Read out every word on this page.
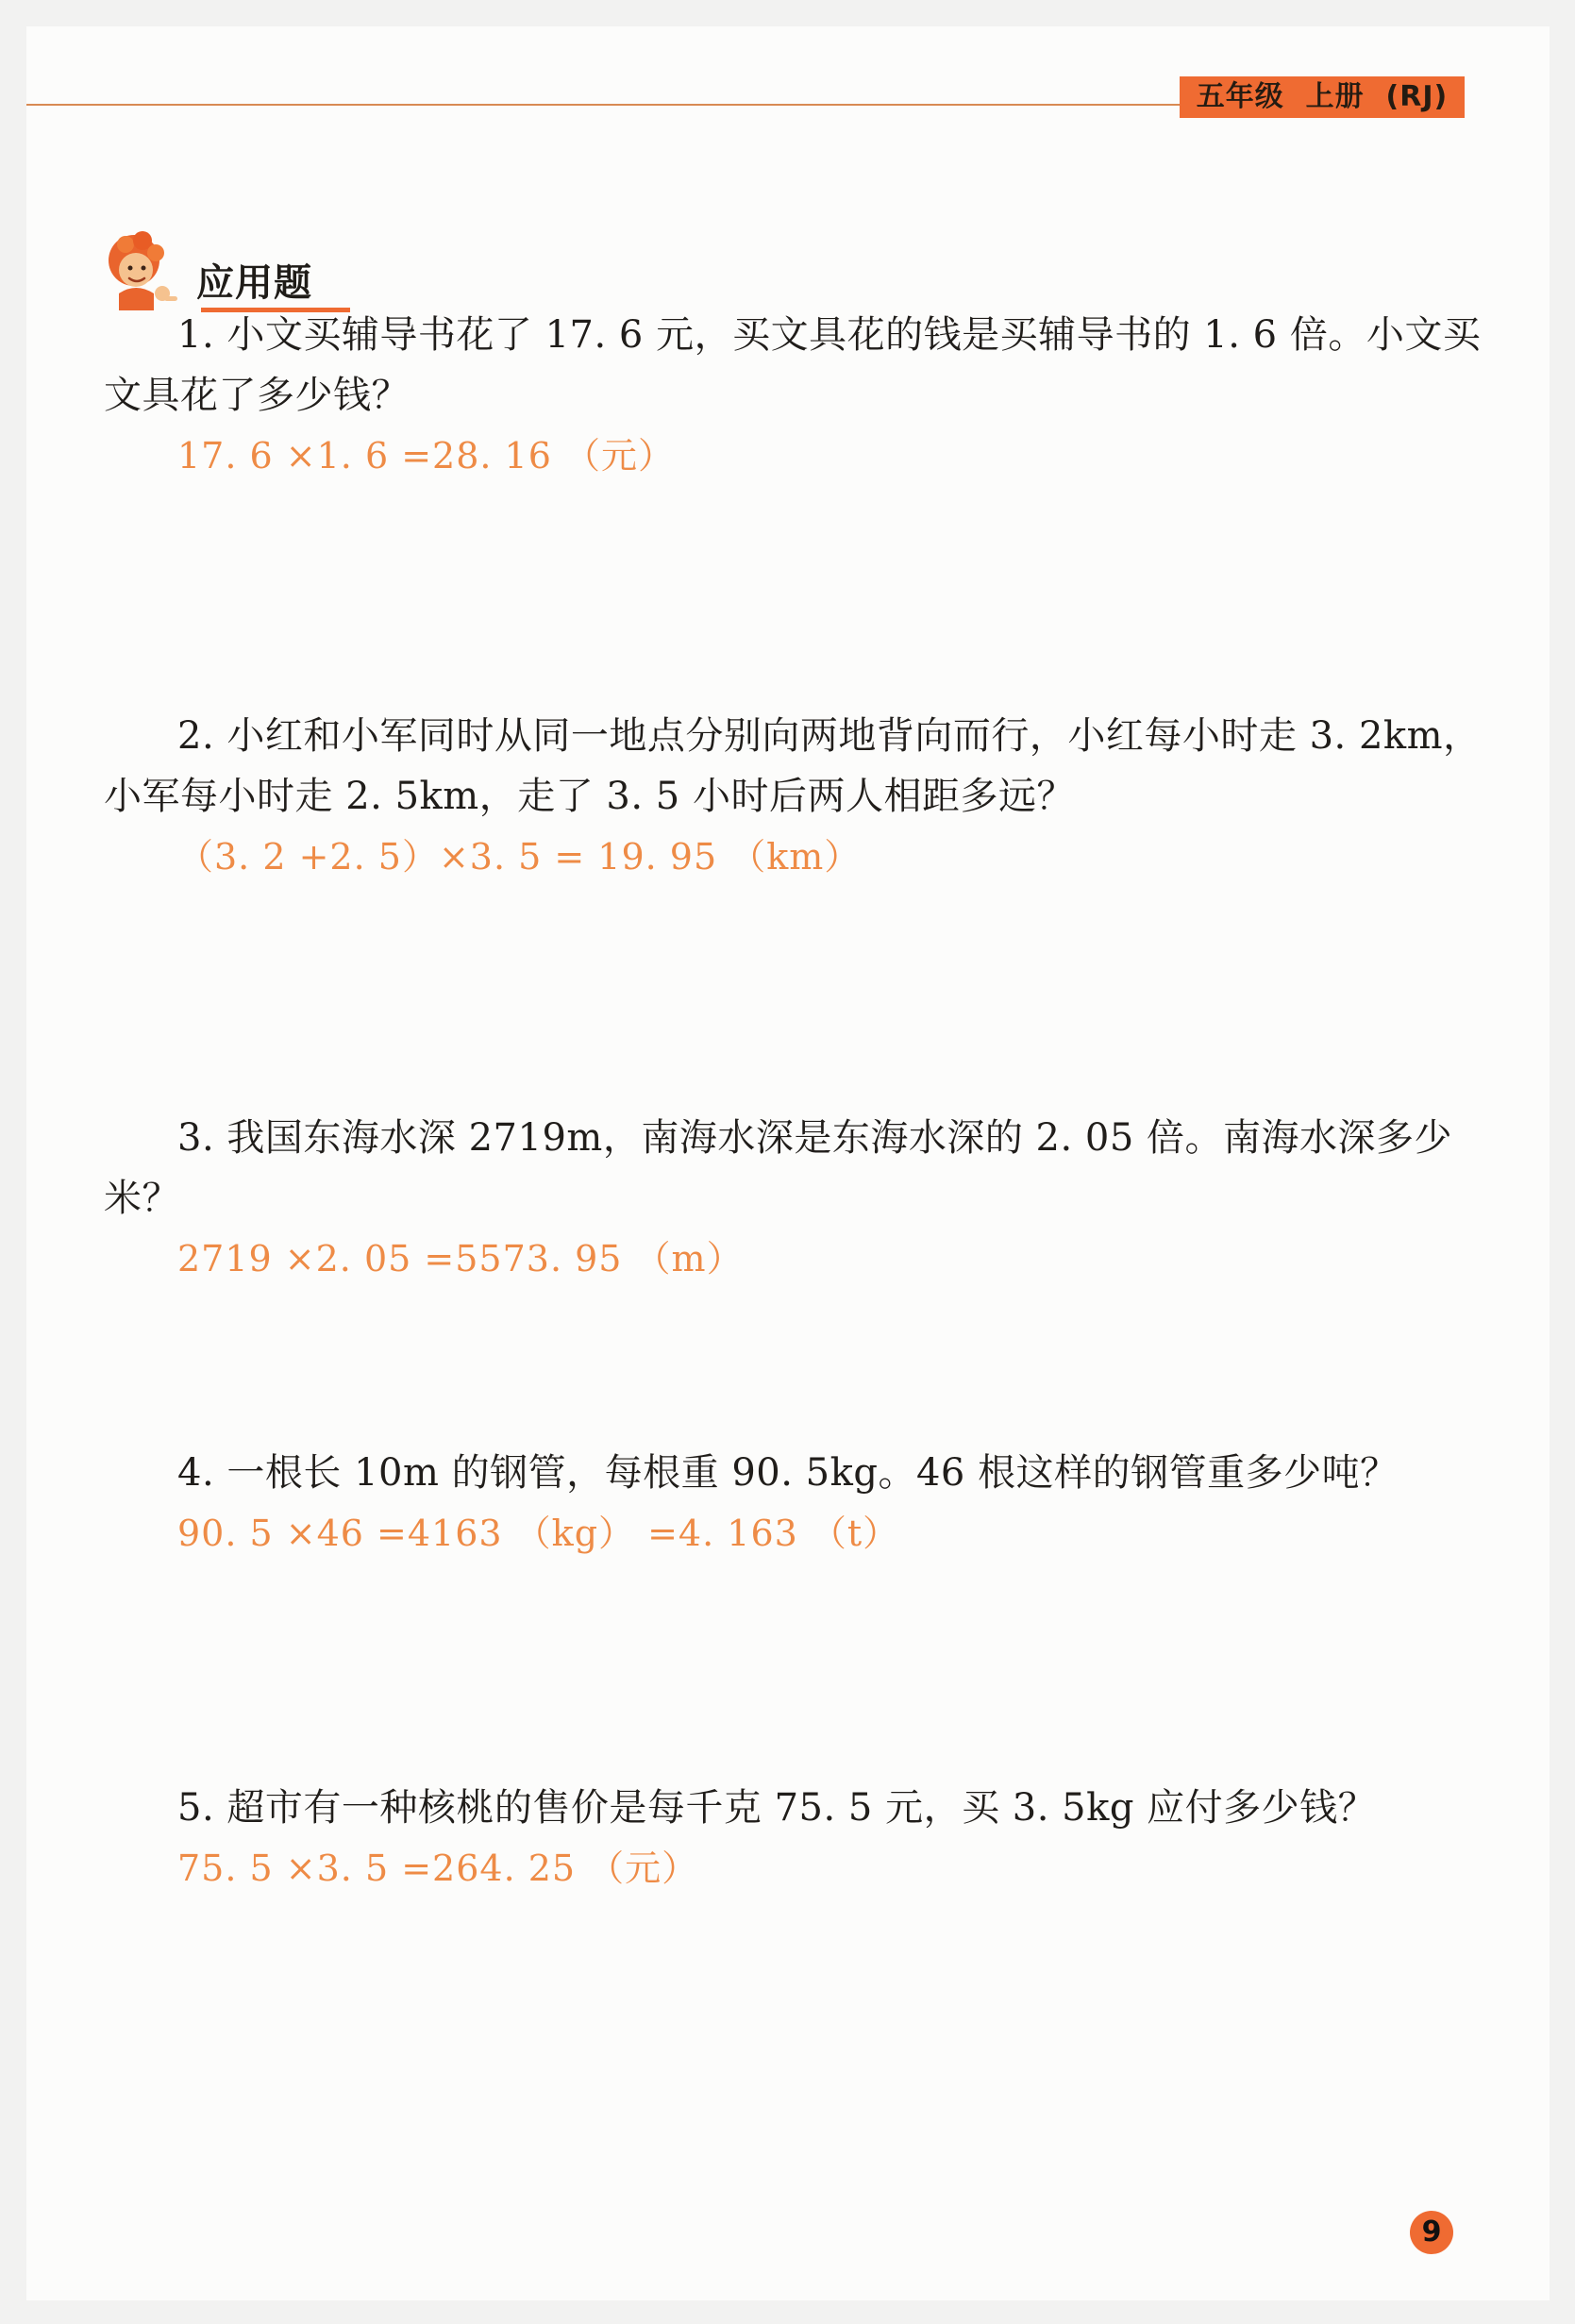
五年级  上册  (RJ)
应用题

1. 小文买辅导书花了 17. 6 元，买文具花的钱是买辅导书的 1. 6 倍。小文买文具花了多少钱？

17. 6 ×1. 6 =28. 16 （元）

2. 小红和小军同时从同一地点分别向两地背向而行，小红每小时走 3. 2km，小军每小时走 2. 5km，走了 3. 5 小时后两人相距多远？

（3. 2 +2. 5）×3. 5 = 19. 95 （km）

3. 我国东海水深 2719m，南海水深是东海水深的 2. 05 倍。南海水深多少米？

2719 ×2. 05 =5573. 95 （m）

4. 一根长 10m 的钢管，每根重 90. 5kg。46 根这样的钢管重多少吨？

90. 5 ×46 =4163 （kg） =4. 163 （t）

5. 超市有一种核桃的售价是每千克 75. 5 元，买 3. 5kg 应付多少钱？

75. 5 ×3. 5 =264. 25 （元）

9
